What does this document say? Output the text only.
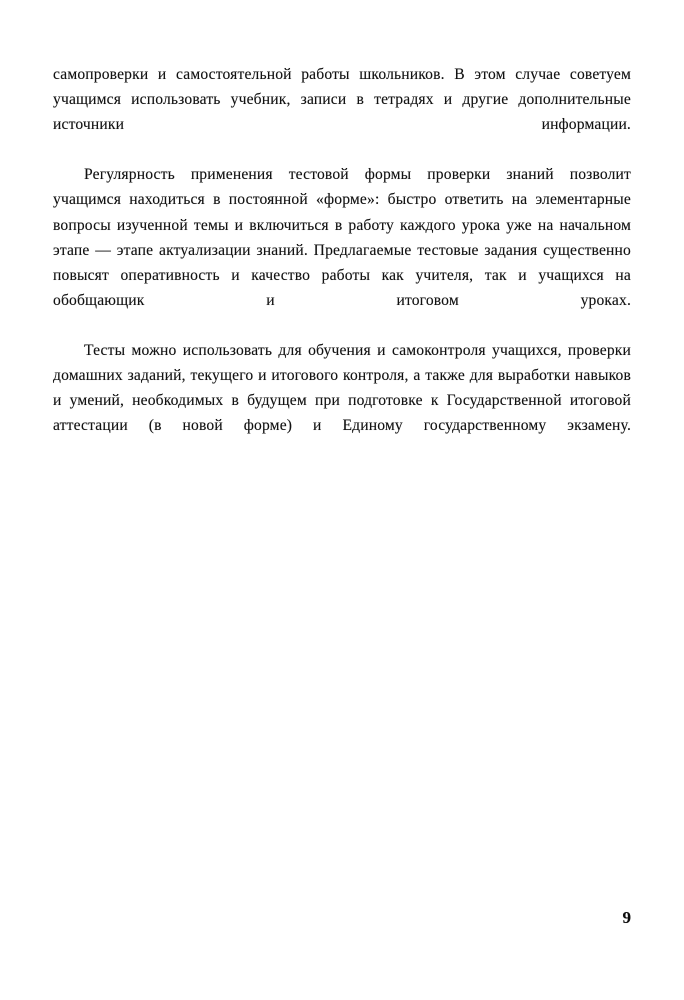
самопроверки и самостоятельной работы школьников. В этом случае советуем учащимся использовать учебник, записи в тетрадях и другие дополнительные источники информации.

Регулярность применения тестовой формы проверки знаний позволит учащимся находиться в постоянной «форме»: быстро ответить на элементарные вопросы изученной темы и включиться в работу каждого урока уже на начальном этапе — этапе актуализации знаний. Предлагаемые тестовые задания существенно повысят оперативность и качество работы как учителя, так и учащихся на обобщающик и итоговом уроках.

Тесты можно использовать для обучения и самоконтроля учащихся, проверки домашних заданий, текущего и итогового контроля, а также для выработки навыков и умений, необкодимых в будущем при подготовке к Государственной итоговой аттестации (в новой форме) и Единому государственному экзамену.

9
